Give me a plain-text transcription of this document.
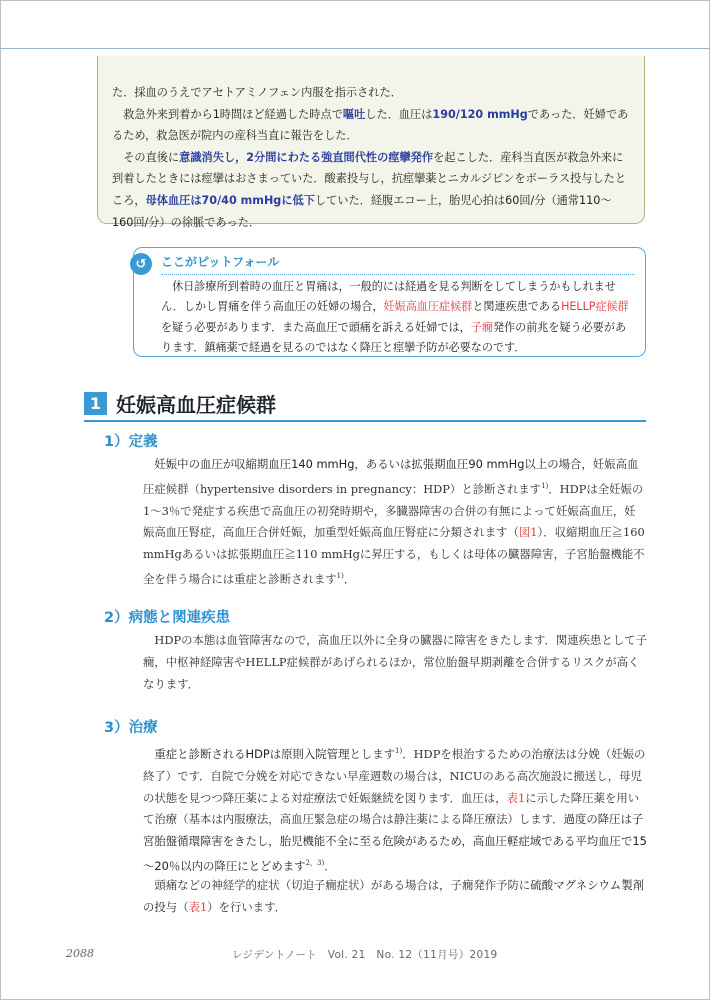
た．採血のうえでアセトアミノフェン内服を指示された．

救急外来到着から1時間ほど経過した時点で嘔吐した．血圧は190/120 mmHgであった．妊婦であるため，救急医が院内の産科当直に報告をした．

その直後に意識消失し，2分間にわたる強直間代性の痙攣発作を起こした．産科当直医が救急外来に到着したときには痙攣はおさまっていた．酸素投与し，抗痙攣薬とニカルジピンをボーラス投与したところ，母体血圧は70/40 mmHgに低下していた．経腹エコー上，胎児心拍は60回/分（通常110～160回/分）の徐脈であった．

↺	ここがピットフォール

休日診療所到着時の血圧と胃痛は，一般的には経過を見る判断をしてしまうかもしれません．しかし胃痛を伴う高血圧の妊婦の場合，妊娠高血圧症候群と関連疾患であるHELLP症候群を疑う必要があります．また高血圧で頭痛を訴える妊婦では，子癇発作の前兆を疑う必要があります．鎮痛薬で経過を見るのではなく降圧と痙攣予防が必要なのです．

1 妊娠高血圧症候群
1）定義

妊娠中の血圧が収縮期血圧140 mmHg，あるいは拡張期血圧90 mmHg以上の場合，妊娠高血圧症候群（hypertensive disorders in pregnancy：HDP）と診断されます$^{1)}$．HDPは全妊娠の1～3％で発症する疾患で高血圧の初発時期や，多臓器障害の合併の有無によって妊娠高血圧，妊娠高血圧腎症，高血圧合併妊娠，加重型妊娠高血圧腎症に分類されます（図1）．収縮期血圧≧160 mmHgあるいは拡張期血圧≧110 mmHgに昇圧する，もしくは母体の臓器障害，子宮胎盤機能不全を伴う場合には重症と診断されます$^{1)}$．

2）病態と関連疾患

HDPの本態は血管障害なので，高血圧以外に全身の臓器に障害をきたします．関連疾患として子癇，中枢神経障害やHELLP症候群があげられるほか，常位胎盤早期剥離を合併するリスクが高くなります．

3）治療

重症と診断されるHDPは原則入院管理とします$^{1)}$．HDPを根治するための治療法は分娩（妊娠の終了）です．自院で分娩を対応できない早産週数の場合は，NICUのある高次施設に搬送し，母児の状態を見つつ降圧薬による対症療法で妊娠継続を図ります．血圧は，表1に示した降圧薬を用いて治療（基本は内服療法，高血圧緊急症の場合は静注薬による降圧療法）します．過度の降圧は子宮胎盤循環障害をきたし，胎児機能不全に至る危険があるため，高血圧軽症域である平均血圧で15～20％以内の降圧にとどめます$^{2,3)}$．

頭痛などの神経学的症状（切迫子癇症状）がある場合は，子癇発作予防に硫酸マグネシウム製剤の投与（表1）を行います．

2088	レジデントノート　Vol. 21　No. 12（11月号）2019
